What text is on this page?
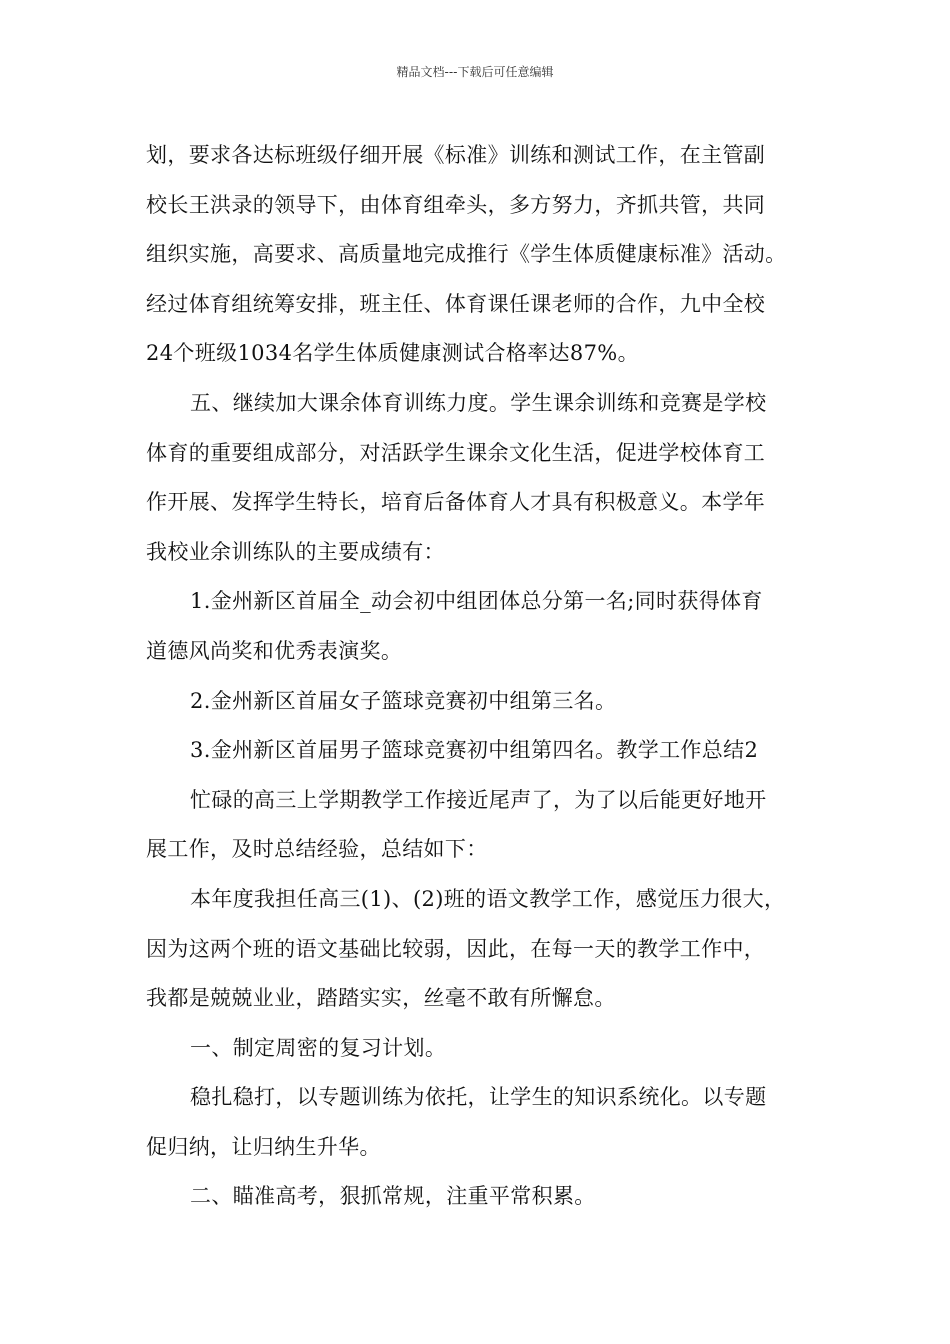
精品文档---下载后可任意编辑
划，要求各达标班级仔细开展《标准》训练和测试工作，在主管副
校长王洪录的领导下，由体育组牵头，多方努力，齐抓共管，共同
组织实施，高要求、高质量地完成推行《学生体质健康标准》活动。
经过体育组统筹安排，班主任、体育课任课老师的合作，九中全校
24个班级1034名学生体质健康测试合格率达87%。
五、继续加大课余体育训练力度。学生课余训练和竞赛是学校
体育的重要组成部分，对活跃学生课余文化生活，促进学校体育工
作开展、发挥学生特长，培育后备体育人才具有积极意义。本学年
我校业余训练队的主要成绩有：
1.金州新区首届全_动会初中组团体总分第一名;同时获得体育
道德风尚奖和优秀表演奖。
2.金州新区首届女子篮球竞赛初中组第三名。
3.金州新区首届男子篮球竞赛初中组第四名。教学工作总结2
忙碌的高三上学期教学工作接近尾声了，为了以后能更好地开
展工作，及时总结经验，总结如下：
本年度我担任高三(1)、(2)班的语文教学工作，感觉压力很大，
因为这两个班的语文基础比较弱，因此，在每一天的教学工作中，
我都是兢兢业业，踏踏实实，丝毫不敢有所懈怠。
一、制定周密的复习计划。
稳扎稳打，以专题训练为依托，让学生的知识系统化。以专题
促归纳，让归纳生升华。
二、瞄准高考，狠抓常规，注重平常积累。
